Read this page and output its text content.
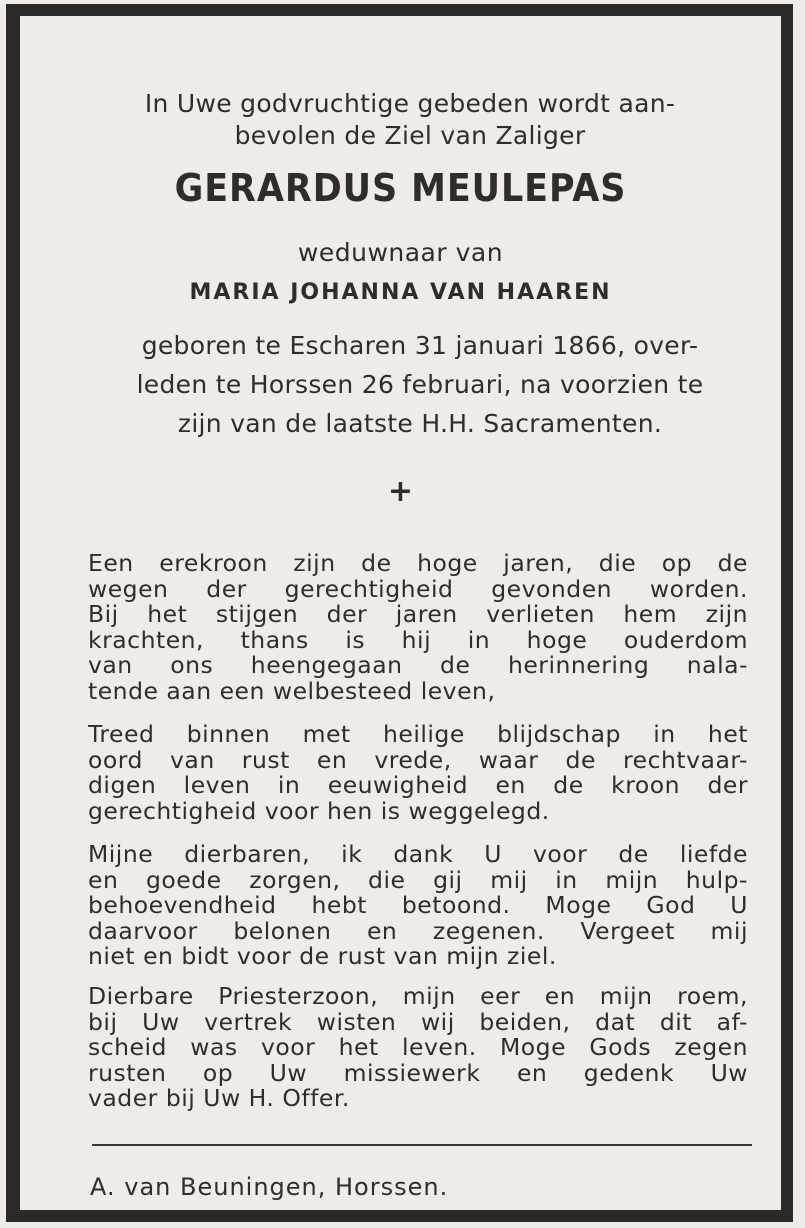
In Uwe godvruchtige gebeden wordt aan-
bevolen de Ziel van Zaliger
GERARDUS MEULEPAS
weduwnaar van
MARIA JOHANNA VAN HAAREN
geboren te Escharen 31 januari 1866, over-
leden te Horssen 26 februari, na voorzien te
zijn van de laatste H.H. Sacramenten.
+
Een erekroon zijn de hoge jaren, die op de
wegen der gerechtigheid gevonden worden.
Bij het stijgen der jaren verlieten hem zijn
krachten, thans is hij in hoge ouderdom
van ons heengegaan de herinnering nala-
tende aan een welbesteed leven,
Treed binnen met heilige blijdschap in het
oord van rust en vrede, waar de rechtvaar-
digen leven in eeuwigheid en de kroon der
gerechtigheid voor hen is weggelegd.
Mijne dierbaren, ik dank U voor de liefde
en goede zorgen, die gij mij in mijn hulp-
behoevendheid hebt betoond. Moge God U
daarvoor belonen en zegenen. Vergeet mij
niet en bidt voor de rust van mijn ziel.
Dierbare Priesterzoon, mijn eer en mijn roem,
bij Uw vertrek wisten wij beiden, dat dit af-
scheid was voor het leven. Moge Gods zegen
rusten op Uw missiewerk en gedenk Uw
vader bij Uw H. Offer.
A. van Beuningen, Horssen.
